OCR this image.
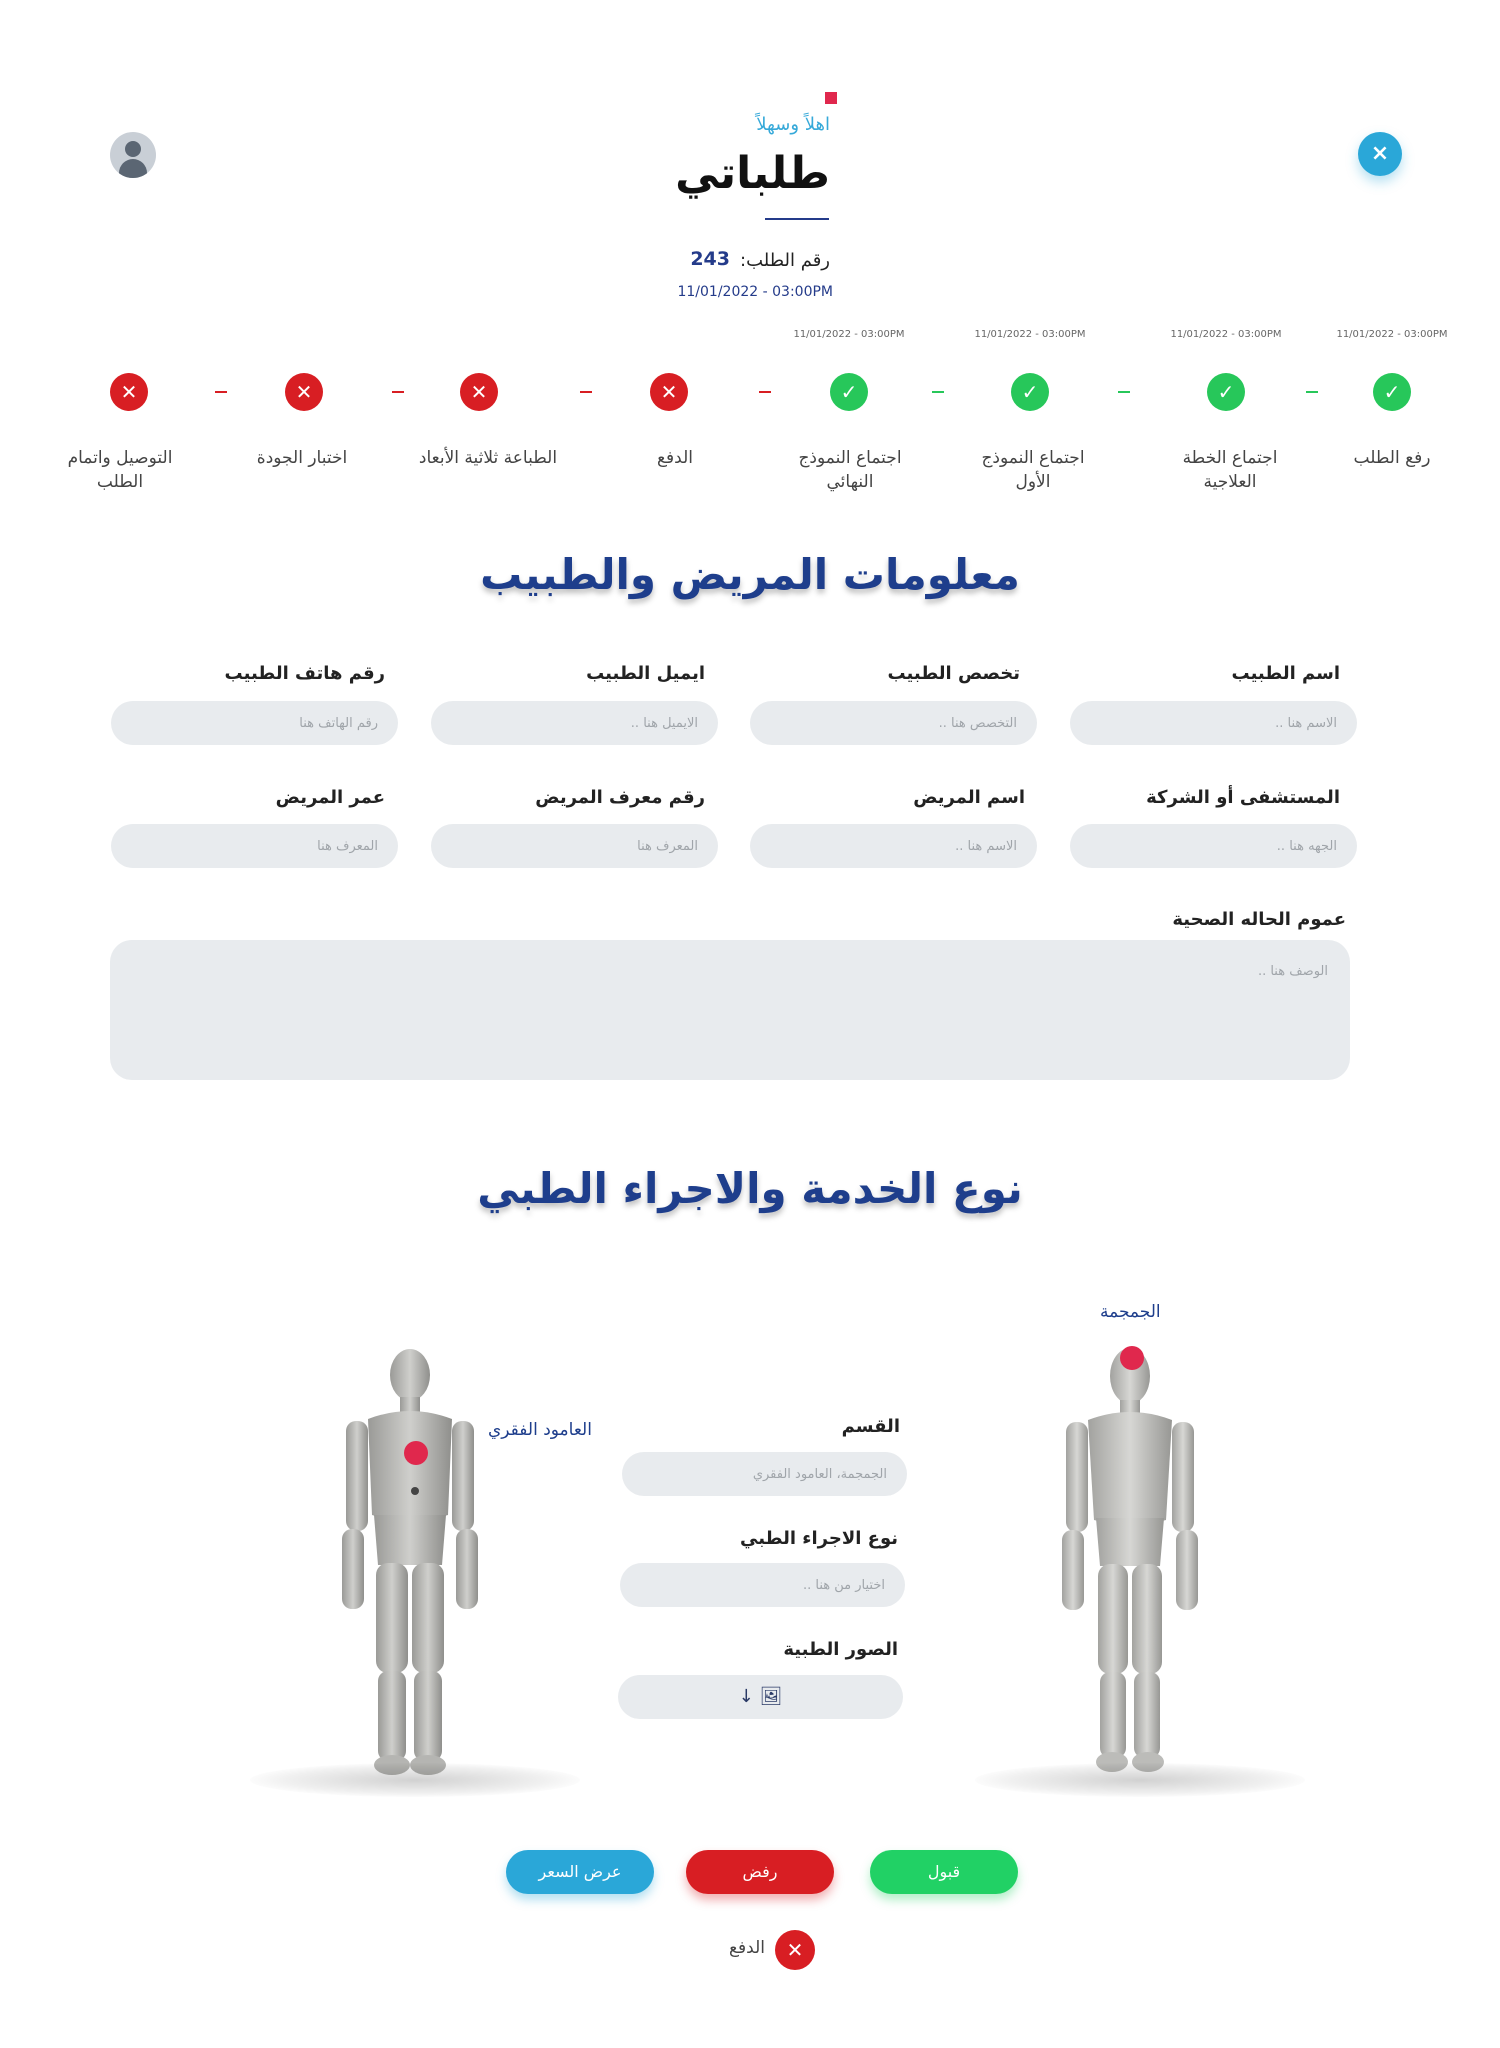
×
اهلاً وسهلاً
طلباتي
رقم الطلب:
243
11/01/2022 - 03:00PM
11/01/2022 - 03:00PM
✓
رفع الطلب
11/01/2022 - 03:00PM
✓
اجتماع الخطة العلاجية
11/01/2022 - 03:00PM
✓
اجتماع النموذج الأول
11/01/2022 - 03:00PM
✓
اجتماع النموذج النهائي
✕
الدفع
✕
الطباعة ثلاثية الأبعاد
✕
اختبار الجودة
✕
التوصيل واتمام الطلب
معلومات المريض والطبيب
اسم الطبيب
تخصص الطبيب
ايميل الطبيب
رقم هاتف الطبيب
الاسم هنا ..
التخصص هنا ..
الايميل هنا ..
رقم الهاتف هنا
المستشفى أو الشركة
اسم المريض
رقم معرف المريض
عمر المريض
الجهه هنا ..
الاسم هنا ..
المعرف هنا
المعرف هنا
عموم الحاله الصحية
الوصف هنا ..
نوع الخدمة والاجراء الطبي
العامود الفقري
الجمجمة
القسم
الجمجمة، العامود الفقري
نوع الاجراء الطبي
اختيار من هنا ..
الصور الطبية
↓ 🖼
قبول
رفض
عرض السعر
✕
الدفع
